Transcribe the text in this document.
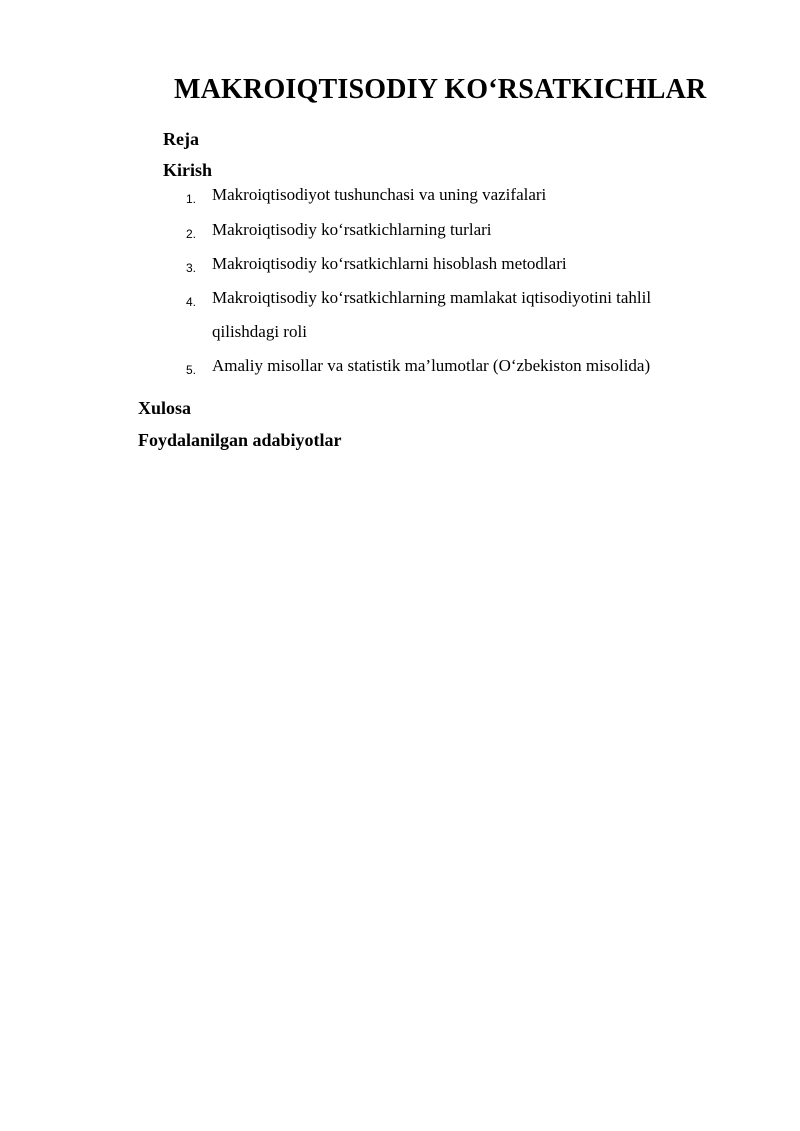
MAKROIQTISODIY KO‘RSATKICHLAR
Reja
Kirish
1. Makroiqtisodiyot tushunchasi va uning vazifalari
2. Makroiqtisodiy ko‘rsatkichlarning turlari
3. Makroiqtisodiy ko‘rsatkichlarni hisoblash metodlari
4. Makroiqtisodiy ko‘rsatkichlarning mamlakat iqtisodiyotini tahlil qilishdagi roli
5. Amaliy misollar va statistik ma’lumotlar (O‘zbekiston misolida)
Xulosa
Foydalanilgan adabiyotlar
